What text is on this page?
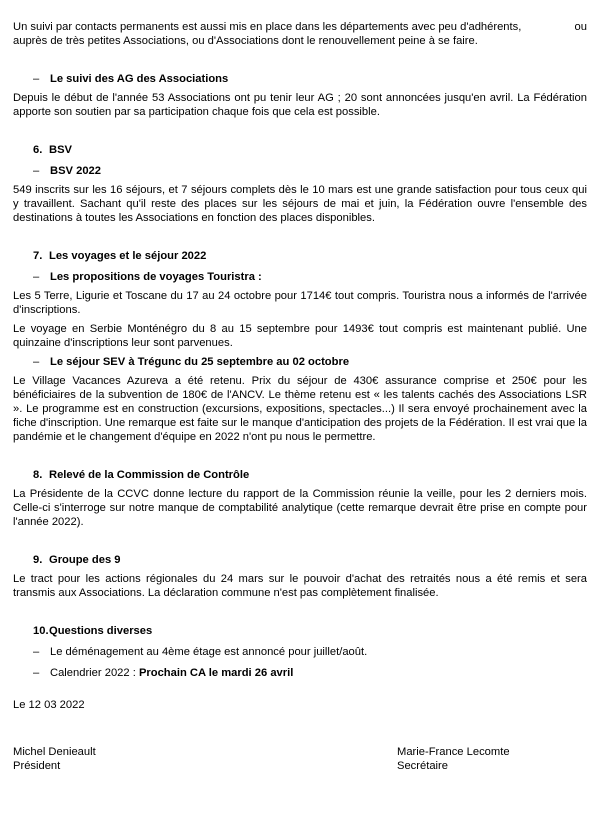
Un suivi par contacts permanents est aussi mis en place dans les départements avec peu d'adhérents,	ou

auprès de très petites Associations, ou d'Associations dont le renouvellement peine à se faire.

– Le suivi des AG des Associations

Depuis le début de l'année 53 Associations ont pu tenir leur AG ; 20 sont annoncées jusqu'en avril. La Fédération apporte son soutien par sa participation chaque fois que cela est possible.

6. BSV
– BSV 2022

549 inscrits sur les 16 séjours, et 7 séjours complets dès le 10 mars est une grande satisfaction pour tous ceux qui y travaillent. Sachant qu'il reste des places sur les séjours de mai et juin, la Fédération ouvre l'ensemble des destinations à toutes les Associations en fonction des places disponibles.

7. Les voyages et le séjour 2022
– Les propositions de voyages Touristra :

Les 5 Terre, Ligurie et Toscane du 17 au 24 octobre pour 1714€ tout compris. Touristra nous a informés de l'arrivée d'inscriptions.

Le voyage en Serbie Monténégro du 8 au 15 septembre pour 1493€ tout compris est maintenant publié. Une quinzaine d'inscriptions leur sont parvenues.

– Le séjour SEV à Trégunc du 25 septembre au 02 octobre

Le Village Vacances Azureva a été retenu. Prix du séjour de 430€ assurance comprise et 250€ pour les bénéficiaires de la subvention de 180€ de l'ANCV. Le thème retenu est « les talents cachés des Associations LSR ». Le programme est en construction (excursions, expositions, spectacles...) Il sera envoyé prochainement avec la fiche d'inscription. Une remarque est faite sur le manque d'anticipation des projets de la Fédération. Il est vrai que la pandémie et le changement d'équipe en 2022 n'ont pu nous le permettre.

8. Relevé de la Commission de Contrôle

La Présidente de la CCVC donne lecture du rapport de la Commission réunie la veille, pour les 2 derniers mois. Celle-ci s'interroge sur notre manque de comptabilité analytique (cette remarque devrait être prise en compte pour l'année 2022).

9. Groupe des 9

Le tract pour les actions régionales du 24 mars sur le pouvoir d'achat des retraités nous a été remis et sera transmis aux Associations. La déclaration commune n'est pas complètement finalisée.

10. Questions diverses
– Le déménagement au 4ème étage est annoncé pour juillet/août.
– Calendrier 2022 : Prochain CA le mardi 26 avril

Le 12 03 2022

Michel Denieault
Président
Marie-France Lecomte
Secrétaire
